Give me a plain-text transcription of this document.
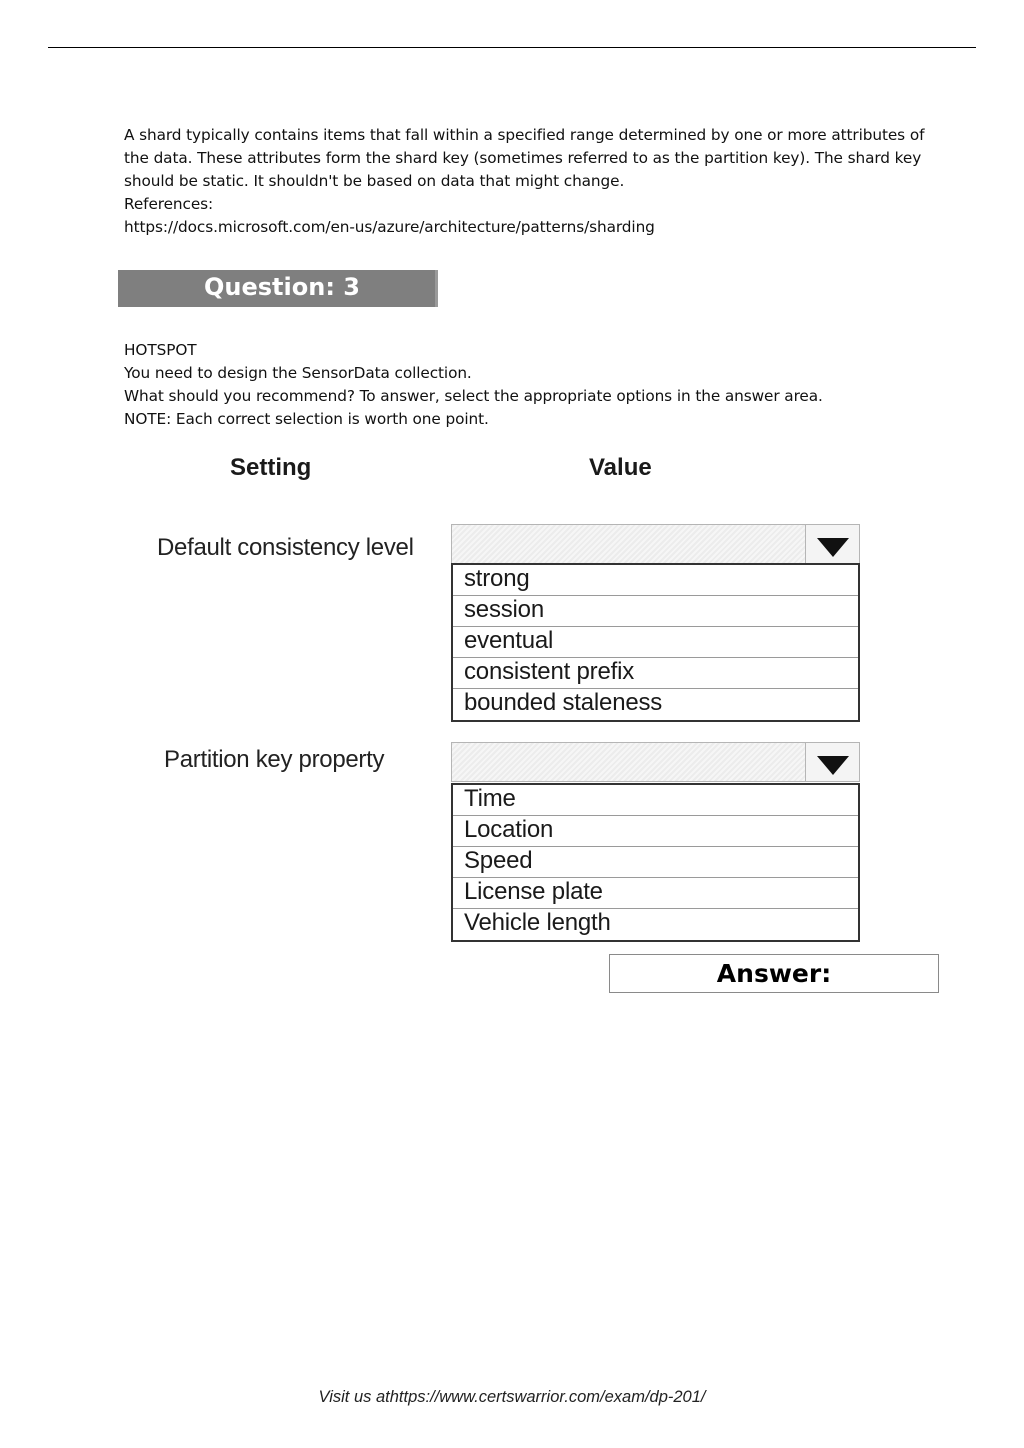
A shard typically contains items that fall within a specified range determined by one or more attributes of the data. These attributes form the shard key (sometimes referred to as the partition key). The shard key should be static. It shouldn't be based on data that might change.

References:

https://docs.microsoft.com/en-us/azure/architecture/patterns/sharding

Question: 3

HOTSPOT

You need to design the SensorData collection.

What should you recommend? To answer, select the appropriate options in the answer area.

NOTE: Each correct selection is worth one point.

Setting	Value
Default consistency level
strong
session
eventual
consistent prefix
bounded staleness
Partition key property
Time
Location
Speed
License plate
Vehicle length
Answer:
Visit us athttps://www.certswarrior.com/exam/dp-201/
